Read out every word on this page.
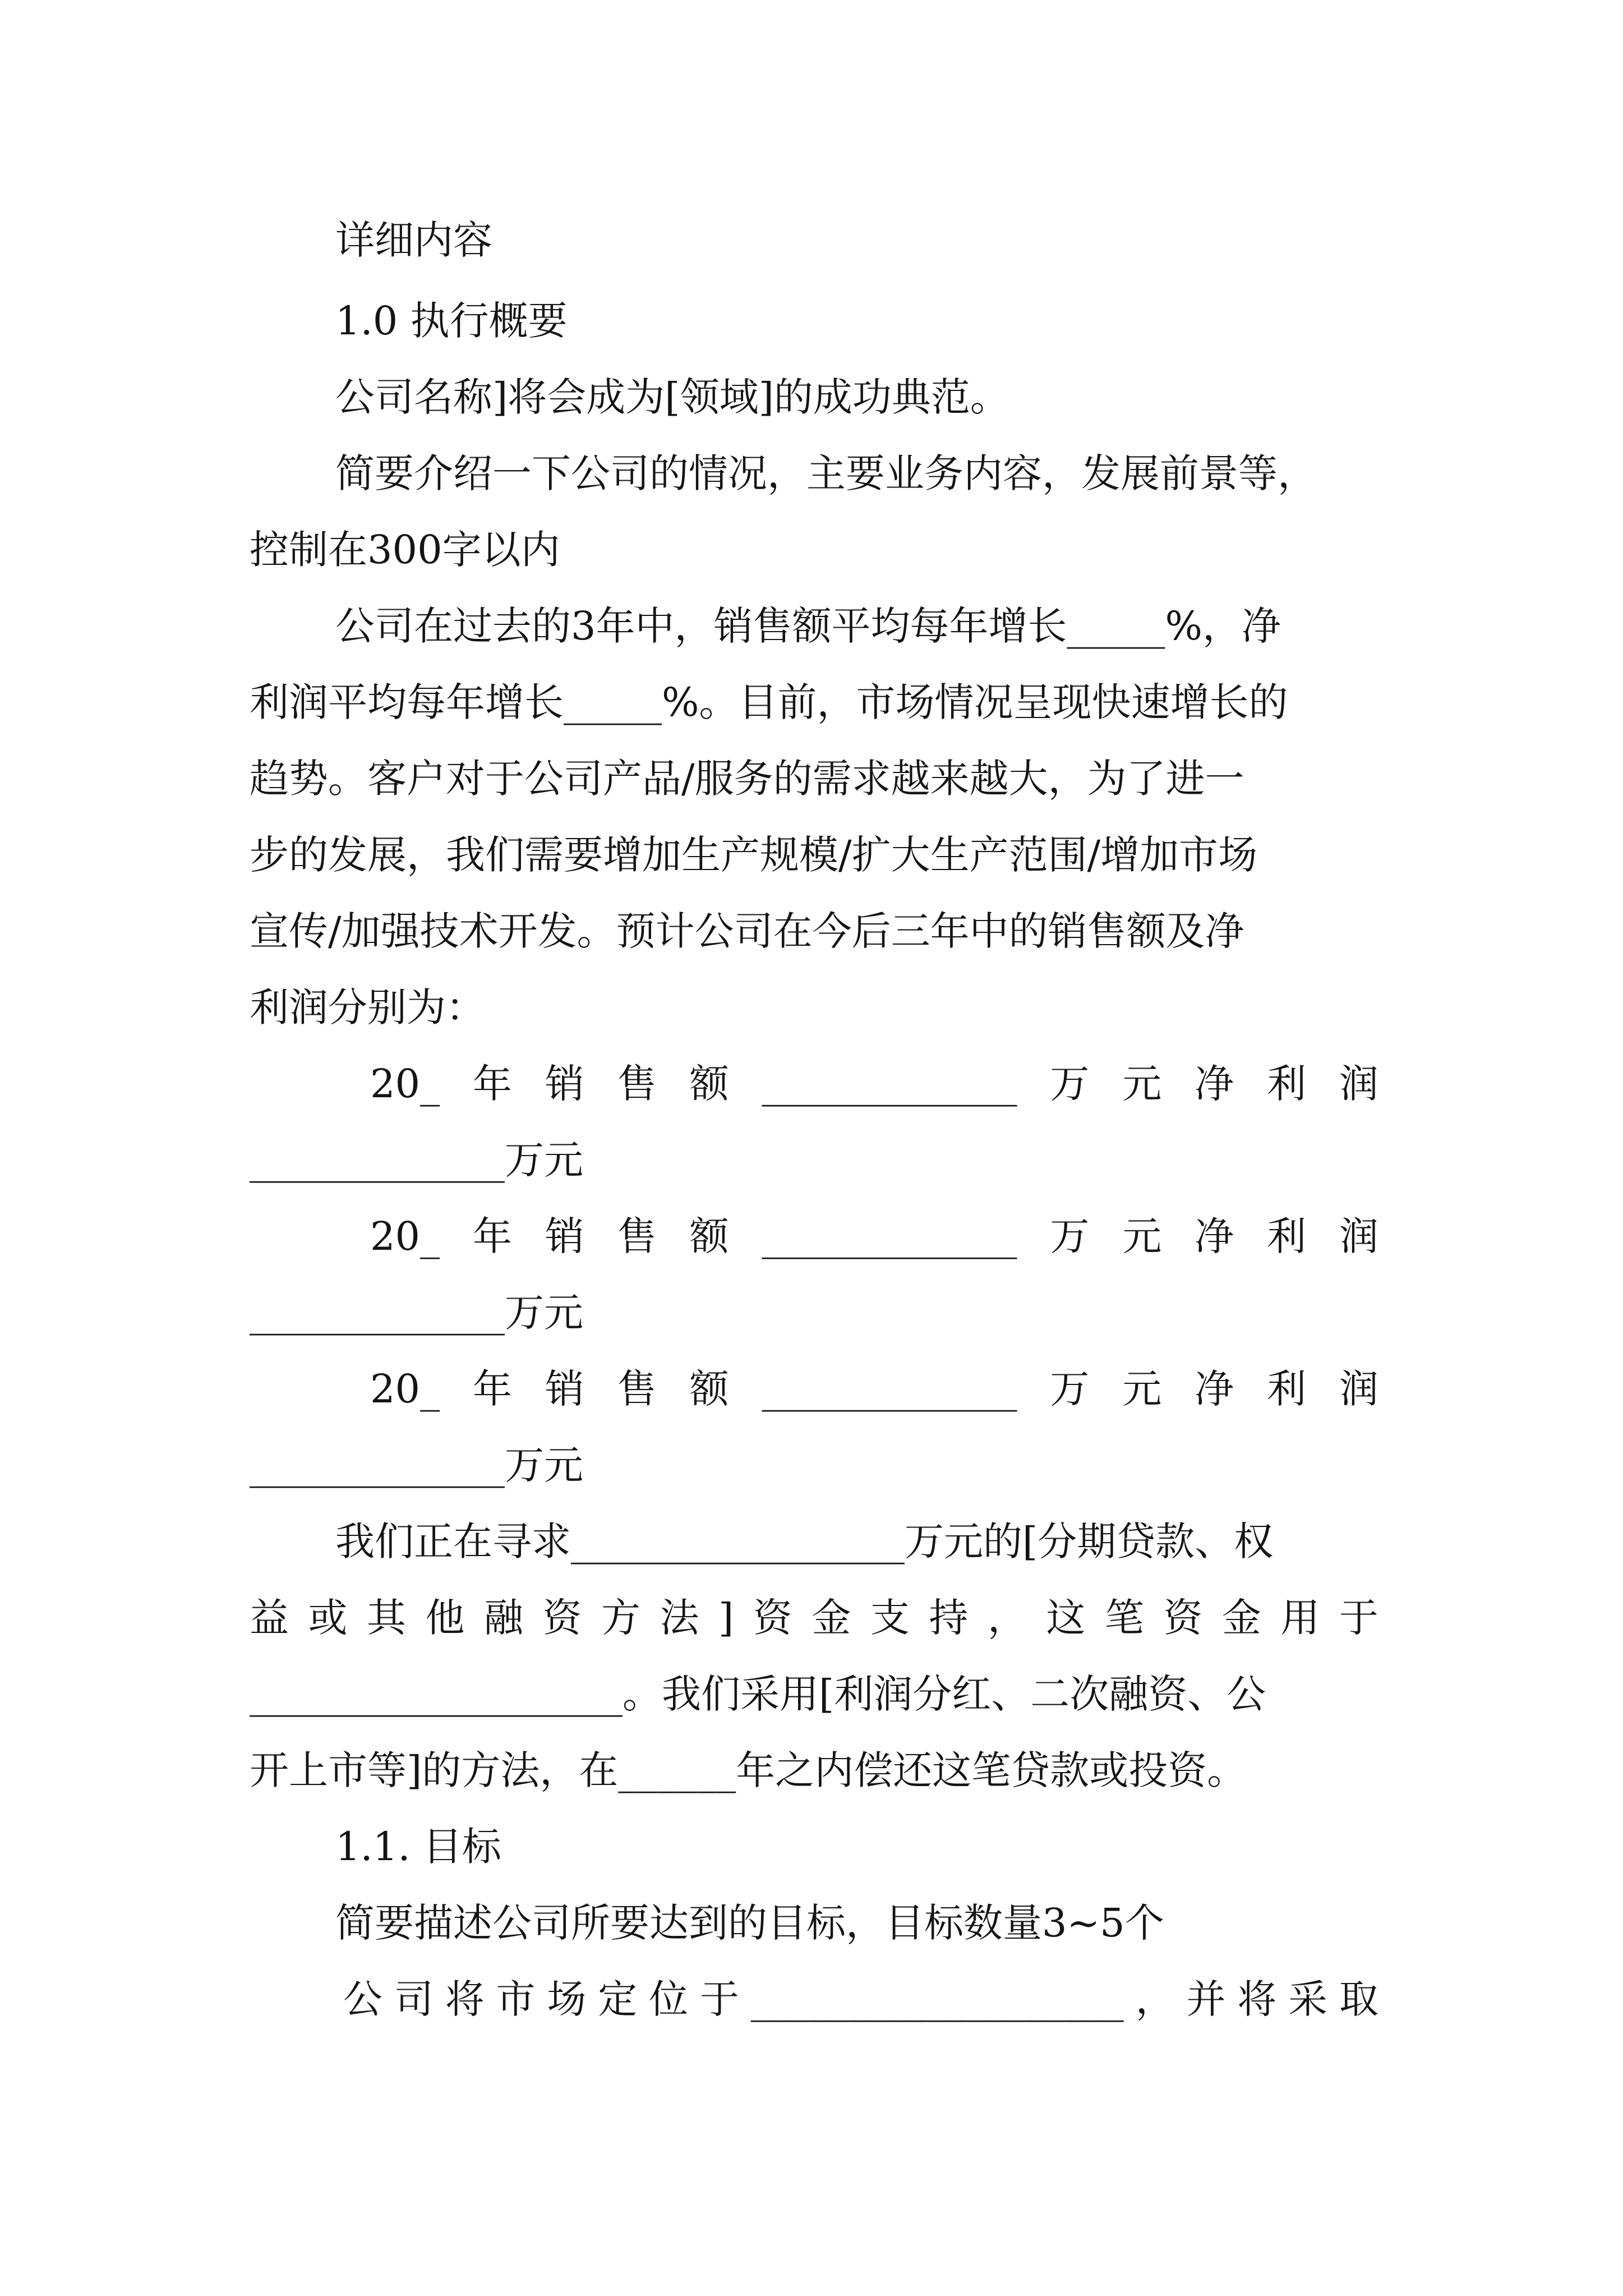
详细内容
1.0 执行概要
公司名称]将会成为[领域]的成功典范。
简要介绍一下公司的情况，主要业务内容，发展前景等，
控制在300字以内
公司在过去的3年中，销售额平均每年增长_____%，净
利润平均每年增长_____%。目前，市场情况呈现快速增长的
趋势。客户对于公司产品/服务的需求越来越大，为了进一
步的发展，我们需要增加生产规模/扩大生产范围/增加市场
宣传/加强技术开发。预计公司在今后三年中的销售额及净
利润分别为：
20_ 年 销 售 额 _____________ 万 元 净 利 润
_____________万元
20_ 年 销 售 额 _____________ 万 元 净 利 润
_____________万元
20_ 年 销 售 额 _____________ 万 元 净 利 润
_____________万元
我们正在寻求_________________万元的[分期贷款、权
益 或 其 他 融 资 方 法 ] 资 金 支 持 ， 这 笔 资 金 用 于
___________________。我们采用[利润分红、二次融资、公
开上市等]的方法，在______年之内偿还这笔贷款或投资。
1.1. 目标
简要描述公司所要达到的目标，目标数量3~5个
公 司 将 市 场 定 位 于 ___________________ ， 并 将 采 取
